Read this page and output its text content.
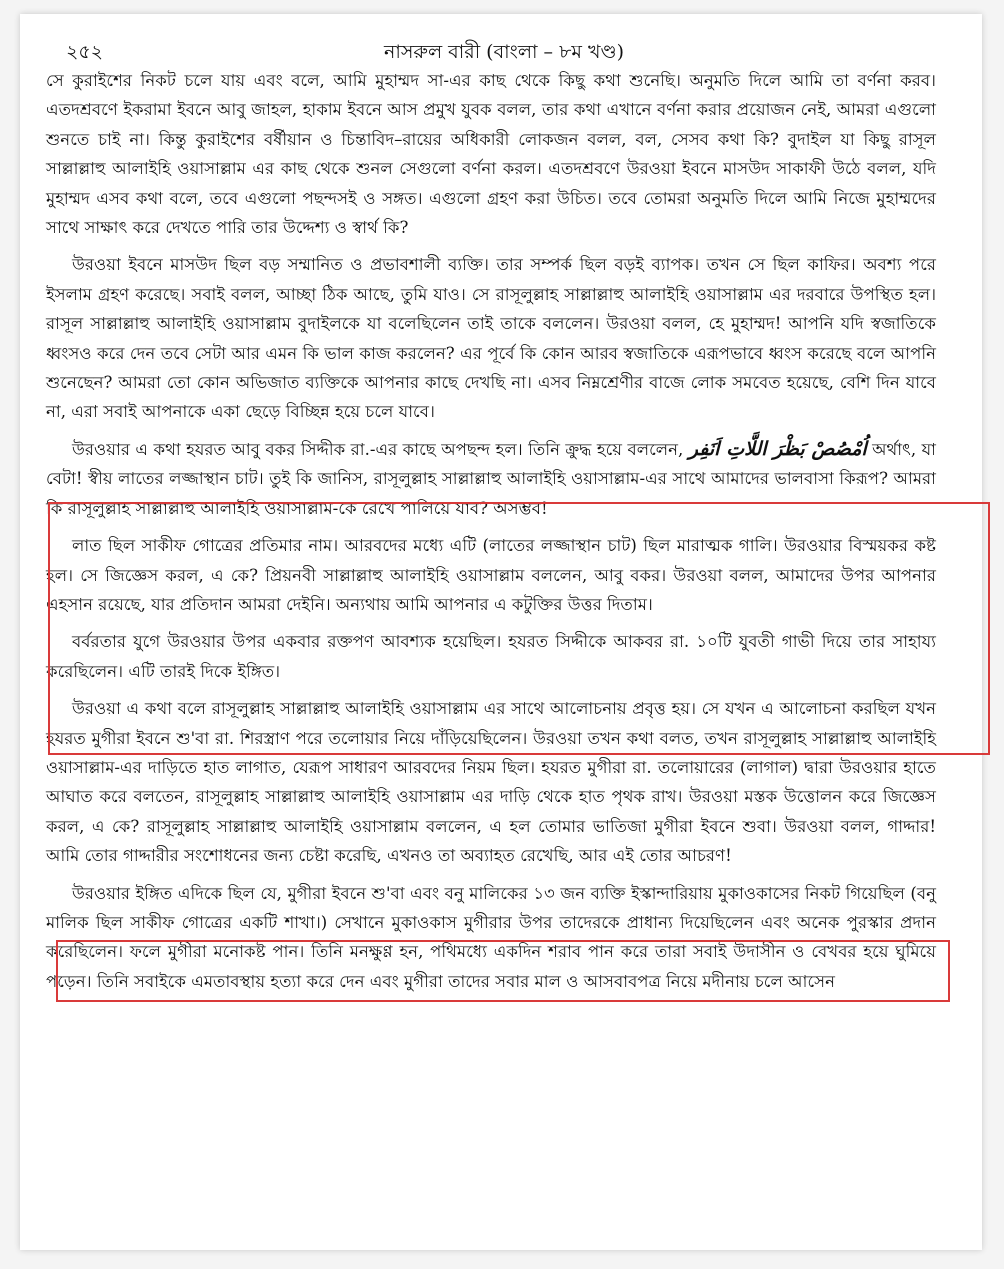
২৫২	নাসরুল বারী (বাংলা – ৮ম খণ্ড)

সে কুরাইশের নিকট চলে যায় এবং বলে, আমি মুহাম্মদ সা-এর কাছ থেকে কিছু কথা শুনেছি। অনুমতি দিলে আমি তা বর্ণনা করব। এতদশ্রবণে ইকরামা ইবনে আবু জাহল, হাকাম ইবনে আস প্রমুখ যুবক বলল, তার কথা এখানে বর্ণনা করার প্রয়োজন নেই, আমরা এগুলো শুনতে চাই না। কিন্তু কুরাইশের বর্ষীয়ান ও চিন্তাবিদ–রায়ের অধিকারী লোকজন বলল, বল, সেসব কথা কি? বুদাইল যা কিছু রাসূল সাল্লাল্লাহু আলাইহি ওয়াসাল্লাম এর কাছ থেকে শুনল সেগুলো বর্ণনা করল। এতদশ্রবণে উরওয়া ইবনে মাসউদ সাকাফী উঠে বলল, যদি মুহাম্মদ এসব কথা বলে, তবে এগুলো পছন্দসই ও সঙ্গত। এগুলো গ্রহণ করা উচিত। তবে তোমরা অনুমতি দিলে আমি নিজে মুহাম্মদের সাথে সাক্ষাৎ করে দেখতে পারি তার উদ্দেশ্য ও স্বার্থ কি?

উরওয়া ইবনে মাসউদ ছিল বড় সম্মানিত ও প্রভাবশালী ব্যক্তি। তার সম্পর্ক ছিল বড়ই ব্যাপক। তখন সে ছিল কাফির। অবশ্য পরে ইসলাম গ্রহণ করেছে। সবাই বলল, আচ্ছা ঠিক আছে, তুমি যাও। সে রাসূলুল্লাহ সাল্লাল্লাহু আলাইহি ওয়াসাল্লাম এর দরবারে উপস্থিত হল। রাসূল সাল্লাল্লাহু আলাইহি ওয়াসাল্লাম বুদাইলকে যা বলেছিলেন তাই তাকে বললেন। উরওয়া বলল, হে মুহাম্মদ! আপনি যদি স্বজাতিকে ধ্বংসও করে দেন তবে সেটা আর এমন কি ভাল কাজ করলেন? এর পূর্বে কি কোন আরব স্বজাতিকে এরূপভাবে ধ্বংস করেছে বলে আপনি শুনেছেন? আমরা তো কোন অভিজাত ব্যক্তিকে আপনার কাছে দেখছি না। এসব নিম্নশ্রেণীর বাজে লোক সমবেত হয়েছে, বেশি দিন যাবে না, এরা সবাই আপনাকে একা ছেড়ে বিচ্ছিন্ন হয়ে চলে যাবে।

উরওয়ার এ কথা হযরত আবু বকর সিদ্দীক রা.-এর কাছে অপছন্দ হল। তিনি ক্রুদ্ধ হয়ে বললেন, اُمْصُصْ بَظْرَ اللَّاتِ اَنَفِر অর্থাৎ, যা বেটা! স্বীয় লাতের লজ্জাস্থান চাট। তুই কি জানিস, রাসূলুল্লাহ সাল্লাল্লাহু আলাইহি ওয়াসাল্লাম-এর সাথে আমাদের ভালবাসা কিরূপ? আমরা কি রাসূলুল্লাহ সাল্লাল্লাহু আলাইহি ওয়াসাল্লাম-কে রেখে পালিয়ে যাব? অসম্ভব!

লাত ছিল সাকীফ গোত্রের প্রতিমার নাম। আরবদের মধ্যে এটি (লাতের লজ্জাস্থান চাট) ছিল মারাত্মক গালি। উরওয়ার বিস্ময়কর কষ্ট হল। সে জিজ্ঞেস করল, এ কে? প্রিয়নবী সাল্লাল্লাহু আলাইহি ওয়াসাল্লাম বললেন, আবু বকর। উরওয়া বলল, আমাদের উপর আপনার এহসান রয়েছে, যার প্রতিদান আমরা দেইনি। অন্যথায় আমি আপনার এ কটুক্তির উত্তর দিতাম।

বর্বরতার যুগে উরওয়ার উপর একবার রক্তপণ আবশ্যক হয়েছিল। হযরত সিদ্দীকে আকবর রা. ১০টি যুবতী গাভী দিয়ে তার সাহায্য করেছিলেন। এটি তারই দিকে ইঙ্গিত।

উরওয়া এ কথা বলে রাসূলুল্লাহ সাল্লাল্লাহু আলাইহি ওয়াসাল্লাম এর সাথে আলোচনায় প্রবৃত্ত হয়। সে যখন এ আলোচনা করছিল যখন হযরত মুগীরা ইবনে শু'বা রা. শিরস্ত্রাণ পরে তলোয়ার নিয়ে দাঁড়িয়েছিলেন। উরওয়া তখন কথা বলত, তখন রাসূলুল্লাহ সাল্লাল্লাহু আলাইহি ওয়াসাল্লাম-এর দাড়িতে হাত লাগাত, যেরূপ সাধারণ আরবদের নিয়ম ছিল। হযরত মুগীরা রা. তলোয়ারের (লাগাল) দ্বারা উরওয়ার হাতে আঘাত করে বলতেন, রাসূলুল্লাহ সাল্লাল্লাহু আলাইহি ওয়াসাল্লাম এর দাড়ি থেকে হাত পৃথক রাখ। উরওয়া মস্তক উত্তোলন করে জিজ্ঞেস করল, এ কে? রাসূলুল্লাহ সাল্লাল্লাহু আলাইহি ওয়াসাল্লাম বললেন, এ হল তোমার ভাতিজা মুগীরা ইবনে শুবা। উরওয়া বলল, গাদ্দার! আমি তোর গাদ্দারীর সংশোধনের জন্য চেষ্টা করেছি, এখনও তা অব্যাহত রেখেছি, আর এই তোর আচরণ!

উরওয়ার ইঙ্গিত এদিকে ছিল যে, মুগীরা ইবনে শু'বা এবং বনু মালিকের ১৩ জন ব্যক্তি ইস্কান্দারিয়ায় মুকাওকাসের নিকট গিয়েছিল (বনু মালিক ছিল সাকীফ গোত্রের একটি শাখা।) সেখানে মুকাওকাস মুগীরার উপর তাদেরকে প্রাধান্য দিয়েছিলেন এবং অনেক পুরস্কার প্রদান করেছিলেন। ফলে মুগীরা মনোকষ্ট পান। তিনি মনক্ষুণ্ণ হন, পথিমধ্যে একদিন শরাব পান করে তারা সবাই উদাসীন ও বেখবর হয়ে ঘুমিয়ে পড়েন। তিনি সবাইকে এমতাবস্থায় হত্যা করে দেন এবং মুগীরা তাদের সবার মাল ও আসবাবপত্র নিয়ে মদীনায় চলে আসেন
